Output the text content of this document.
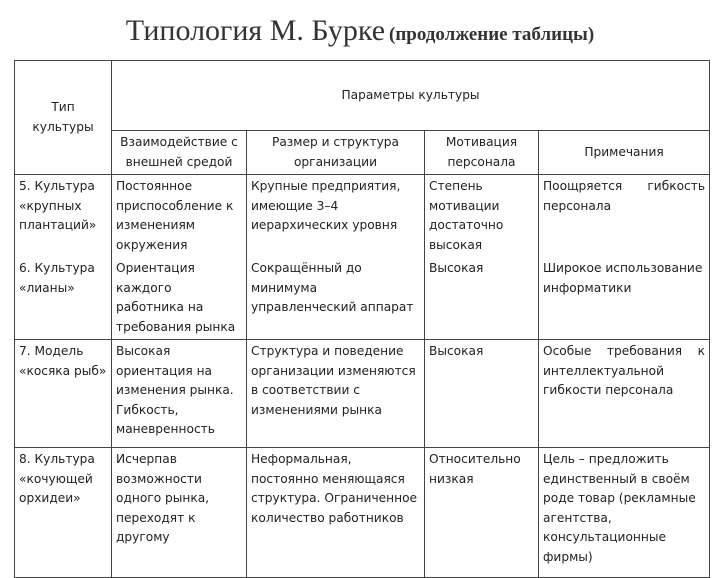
Типология М. Бурке (продолжение таблицы)
Тип культуры	Параметры культуры			
	Взаимодействие с внешней средой	Размер и структура организации	Мотивация персонала	Примечания
5. Культура «крупных плантаций»	Постоянное приспособление к изменениям окружения	Крупные предприятия, имеющие 3–4 иерархических уровня	Степень мотивации достаточно высокая	Поощряется гибкость персонала
6. Культура «лианы»	Ориентация каждого работника на требования рынка	Сокращённый до минимума управленческий аппарат	Высокая	Широкое использование информатики
7. Модель «косяка рыб»	Высокая ориентация на изменения рынка. Гибкость, маневренность	Структура и поведение организации изменяются в соответствии с изменениями рынка	Высокая	Особые требования к интеллектуальной гибкости персонала
8. Культура «кочующей орхидеи»	Исчерпав возможности одного рынка, переходят к другому	Неформальная, постоянно меняющаяся структура. Ограниченное количество работников	Относительно низкая	Цель – предложить единственный в своём роде товар (рекламные агентства, консультационные фирмы)
